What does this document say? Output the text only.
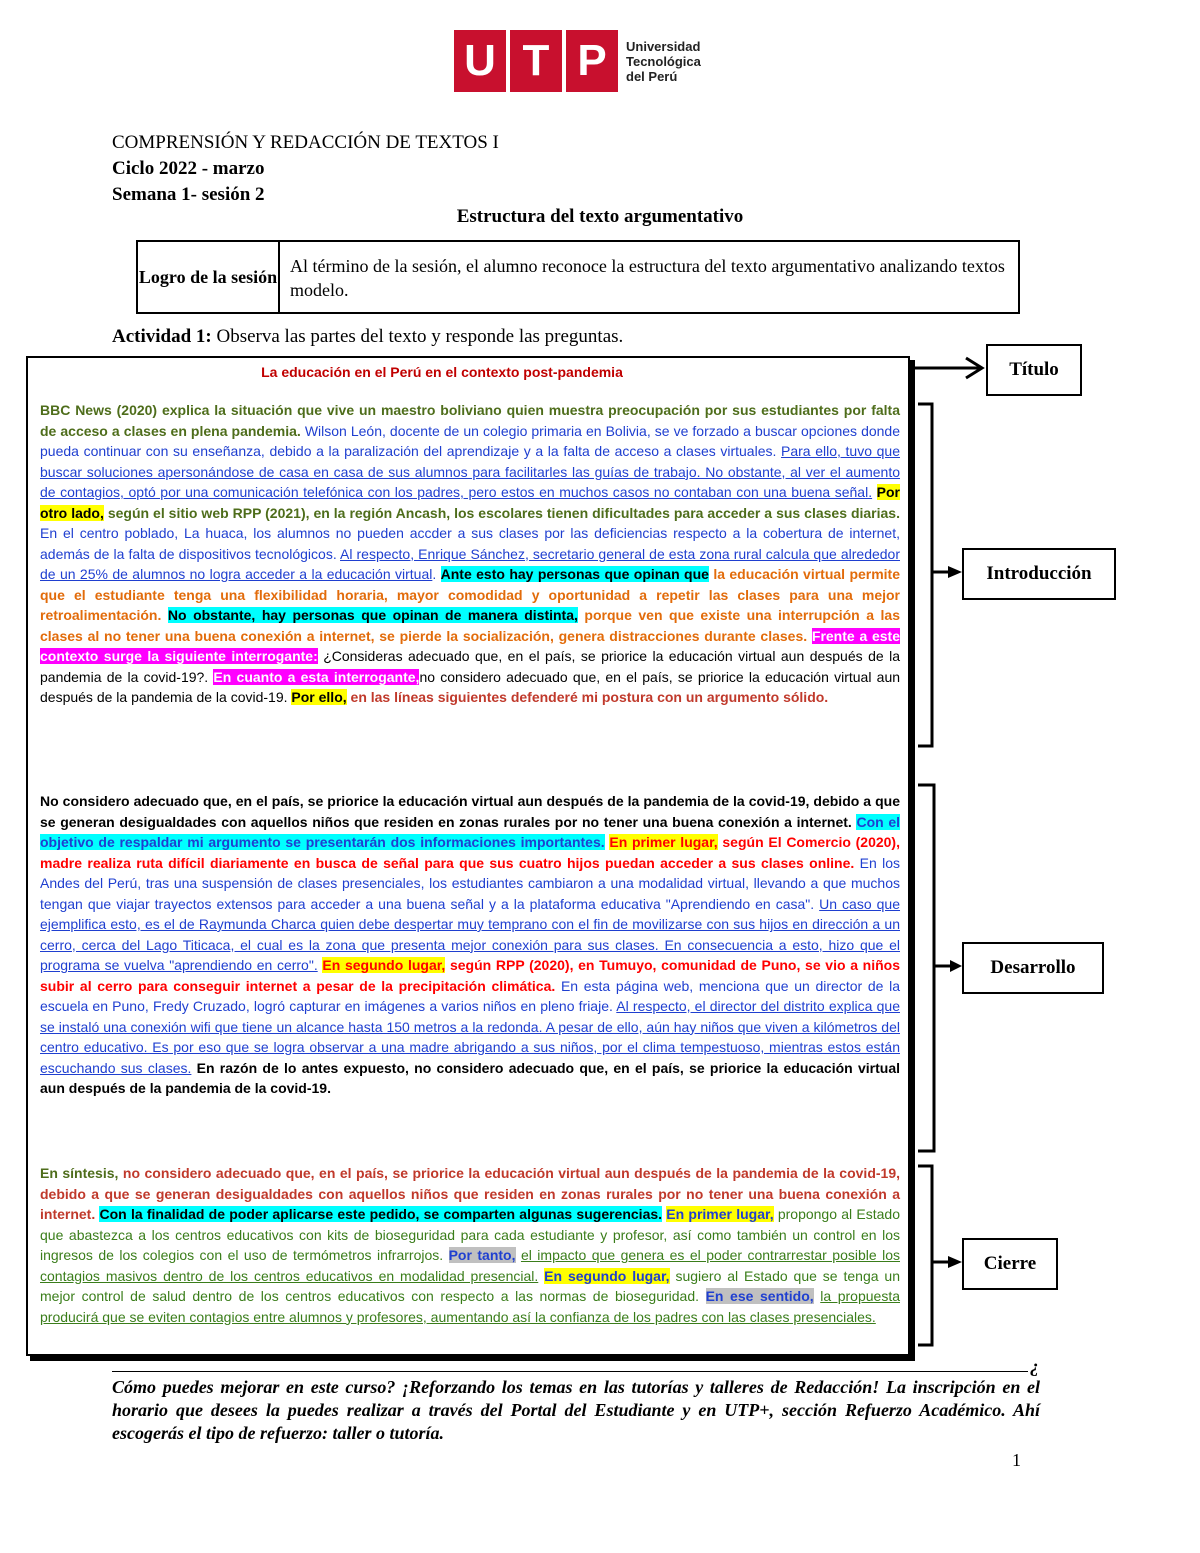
U T P	Universidad
Tecnológica
del Perú
COMPRENSIÓN Y REDACCIÓN DE TEXTOS I
Ciclo 2022 - marzo
Semana 1- sesión 2
Estructura del texto argumentativo
Logro de la sesión
Al término de la sesión, el alumno reconoce la estructura del texto argumentativo analizando textos modelo.
Actividad 1: Observa las partes del texto y responde las preguntas.
La educación en el Perú en el contexto post-pandemia
BBC News (2020) explica la situación que vive un maestro boliviano quien muestra preocupación por sus estudiantes por falta de acceso a clases en plena pandemia. Wilson León, docente de un colegio primaria en Bolivia, se ve forzado a buscar opciones donde pueda continuar con su enseñanza, debido a la paralización del aprendizaje y a la falta de acceso a clases virtuales. Para ello, tuvo que buscar soluciones apersonándose de casa en casa de sus alumnos para facilitarles las guías de trabajo. No obstante, al ver el aumento de contagios, optó por una comunicación telefónica con los padres, pero estos en muchos casos no contaban con una buena señal. Por otro lado, según el sitio web RPP (2021), en la región Ancash, los escolares tienen dificultades para acceder a sus clases diarias. En el centro poblado, La huaca, los alumnos no pueden accder a sus clases por las deficiencias respecto a la cobertura de internet, además de la falta de dispositivos tecnológicos. Al respecto, Enrique Sánchez, secretario general de esta zona rural calcula que alrededor de un 25% de alumnos no logra acceder a la educación virtual. Ante esto hay personas que opinan que la educación virtual permite que el estudiante tenga una flexibilidad horaria, mayor comodidad y oportunidad a repetir las clases para una mejor retroalimentación. No obstante, hay personas que opinan de manera distinta, porque ven que existe una interrupción a las clases al no tener una buena conexión a internet, se pierde la socialización, genera distracciones durante clases. Frente a este contexto surge la siguiente interrogante: ¿Consideras adecuado que, en el país, se priorice la educación virtual aun después de la pandemia de la covid-19?. En cuanto a esta interrogante,no considero adecuado que, en el país, se priorice la educación virtual aun después de la pandemia de la covid-19. Por ello, en las líneas siguientes defenderé mi postura con un argumento sólido.
No considero adecuado que, en el país, se priorice la educación virtual aun después de la pandemia de la covid-19, debido a que se generan desigualdades con aquellos niños que residen en zonas rurales por no tener una buena conexión a internet. Con el objetivo de respaldar mi argumento se presentarán dos informaciones importantes. En primer lugar, según El Comercio (2020), madre realiza ruta difícil diariamente en busca de señal para que sus cuatro hijos puedan acceder a sus clases online. En los Andes del Perú, tras una suspensión de clases presenciales, los estudiantes cambiaron a una modalidad virtual, llevando a que muchos tengan que viajar trayectos extensos para acceder a una buena señal y a la plataforma educativa "Aprendiendo en casa". Un caso que ejemplifica esto, es el de Raymunda Charca quien debe despertar muy temprano con el fin de movilizarse con sus hijos en dirección a un cerro, cerca del Lago Titicaca, el cual es la zona que presenta mejor conexión para sus clases. En consecuencia a esto, hizo que el programa se vuelva "aprendiendo en cerro". En segundo lugar, según RPP (2020), en Tumuyo, comunidad de Puno, se vio a niños subir al cerro para conseguir internet a pesar de la precipitación climática. En esta página web, menciona que un director de la escuela en Puno, Fredy Cruzado, logró capturar en imágenes a varios niños en pleno friaje. Al respecto, el director del distrito explica que se instaló una conexión wifi que tiene un alcance hasta 150 metros a la redonda. A pesar de ello, aún hay niños que viven a kilómetros del centro educativo. Es por eso que se logra observar a una madre abrigando a sus niños, por el clima tempestuoso, mientras estos están escuchando sus clases. En razón de lo antes expuesto, no considero adecuado que, en el país, se priorice la educación virtual aun después de la pandemia de la covid-19.
En síntesis, no considero adecuado que, en el país, se priorice la educación virtual aun después de la pandemia de la covid-19, debido a que se generan desigualdades con aquellos niños que residen en zonas rurales por no tener una buena conexión a internet. Con la finalidad de poder aplicarse este pedido, se comparten algunas sugerencias. En primer lugar, propongo al Estado que abastezca a los centros educativos con kits de bioseguridad para cada estudiante y profesor, así como también un control en los ingresos de los colegios con el uso de termómetros infrarrojos. Por tanto, el impacto que genera es el poder contrarrestar posible los contagios masivos dentro de los centros educativos en modalidad presencial. En segundo lugar, sugiero al Estado que se tenga un mejor control de salud dentro de los centros educativos con respecto a las normas de bioseguridad. En ese sentido, la propuesta producirá que se eviten contagios entre alumnos y profesores, aumentando así la confianza de los padres con las clases presenciales.
Título
Introducción
Desarrollo
Cierre
¿
Cómo puedes mejorar en este curso? ¡Reforzando los temas en las tutorías y talleres de Redacción! La inscripción en el horario que desees la puedes realizar a través del Portal del Estudiante y en UTP+, sección Refuerzo Académico. Ahí escogerás el tipo de refuerzo: taller o tutoría.
1
